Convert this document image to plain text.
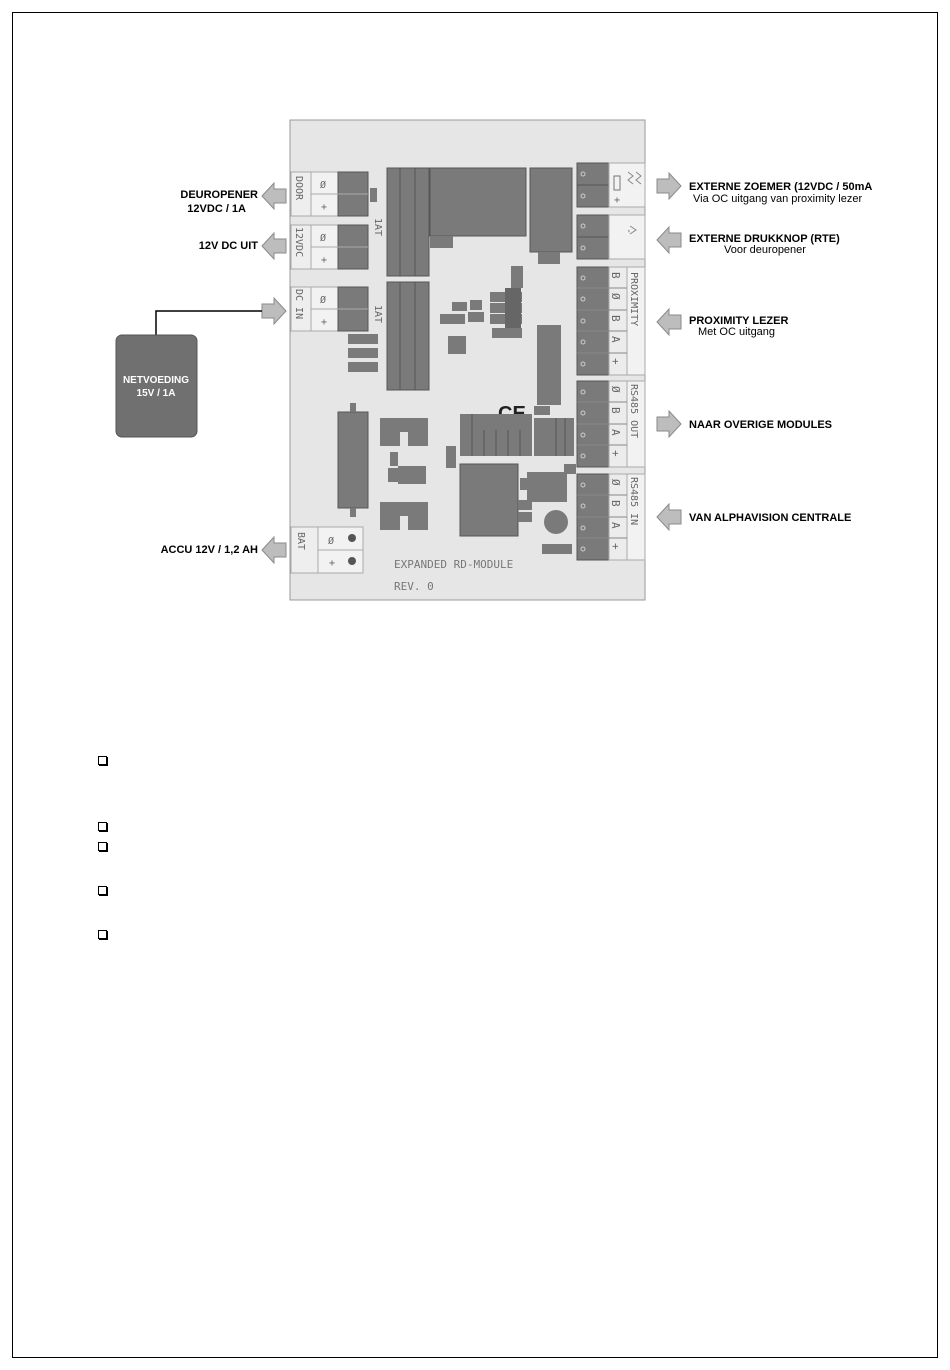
Ø
+
DOOR
Ø
+
12VDC
Ø
+
DC IN
Ø
+
BAT
1AT
1AT
EXPANDED RD-MODULE
REV. 0
+
-
B
Ø
B
A
+
PROXIMITY
Ø
B
A
+
RS485 OUT
Ø
B
A
+
RS485 IN
DEUROPENER
12VDC / 1A
12V DC UIT
ACCU 12V / 1,2 AH
NETVOEDING
15V / 1A
EXTERNE ZOEMER (12VDC / 50mA
Via OC uitgang van proximity lezer
EXTERNE DRUKKNOP (RTE)
Voor deuropener
PROXIMITY LEZER
Met OC uitgang
NAAR OVERIGE MODULES
VAN ALPHAVISION CENTRALE
